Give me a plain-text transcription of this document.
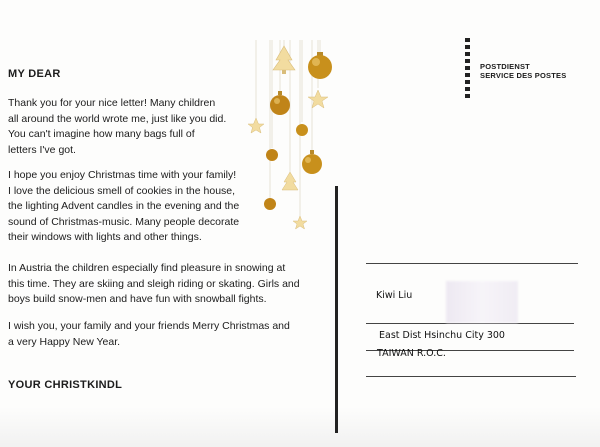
MY DEAR

Thank you for your nice letter! Many children
all around the world wrote me, just like you did.
You can't imagine how many bags full of
letters I've got.

I hope you enjoy Christmas time with your family!
I love the delicious smell of cookies in the house,
the lighting Advent candles in the evening and the
sound of Christmas-music. Many people decorate
their windows with lights and other things.

In Austria the children especially find pleasure in snowing at
this time. They are skiing and sleigh riding or skating. Girls and
boys build snow-men and have fun with snowball fights.

I wish you, your family and your friends Merry Christmas and
a very Happy New Year.

YOUR CHRISTKINDL
POSTDIENST
SERVICE DES POSTES
Kiwi Liu
East Dist Hsinchu City 300
TAIWAN R.O.C.
